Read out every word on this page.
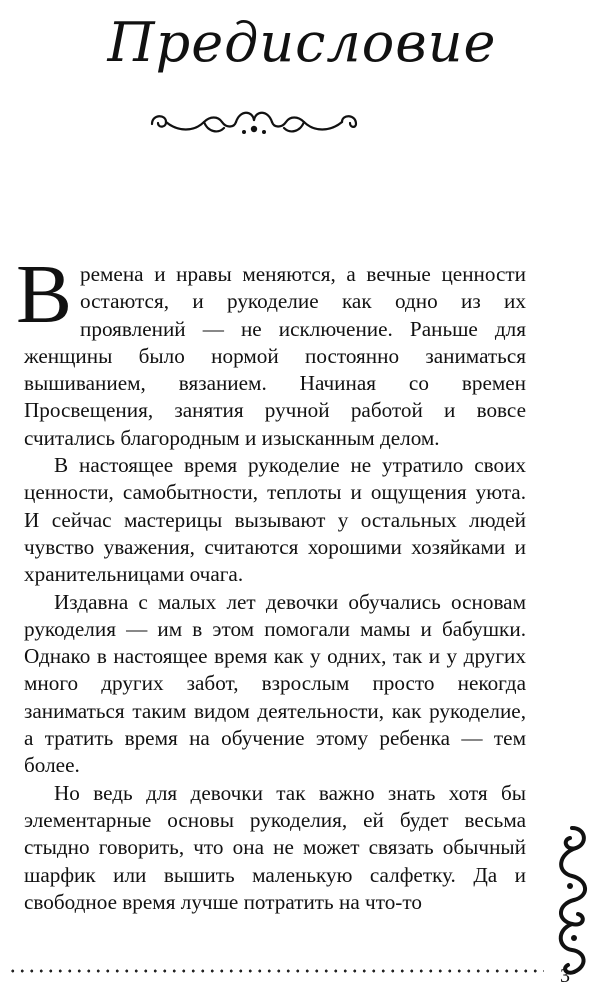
Предисловие

Времена и нравы меняются, а вечные ценности остаются, и рукоделие как одно из их проявлений — не исключение. Раньше для женщины было нормой постоянно заниматься вышиванием, вязанием. Начиная со времен Просвещения, занятия ручной работой и вовсе считались благородным и изысканным делом.

В настоящее время рукоделие не утратило своих ценности, самобытности, теплоты и ощущения уюта. И сейчас мастерицы вызывают у остальных людей чувство уважения, считаются хорошими хозяйками и хранительницами очага.

Издавна с малых лет девочки обучались основам рукоделия — им в этом помогали мамы и бабушки. Однако в настоящее время как у одних, так и у других много других забот, взрослым просто некогда заниматься таким видом деятельности, как рукоделие, а тратить время на обучение этому ребенка — тем более.

Но ведь для девочки так важно знать хотя бы элементарные основы рукоделия, ей будет весьма стыдно говорить, что она не может связать обычный шарфик или вышить маленькую салфетку. Да и свободное время лучше потратить на что-то

3
